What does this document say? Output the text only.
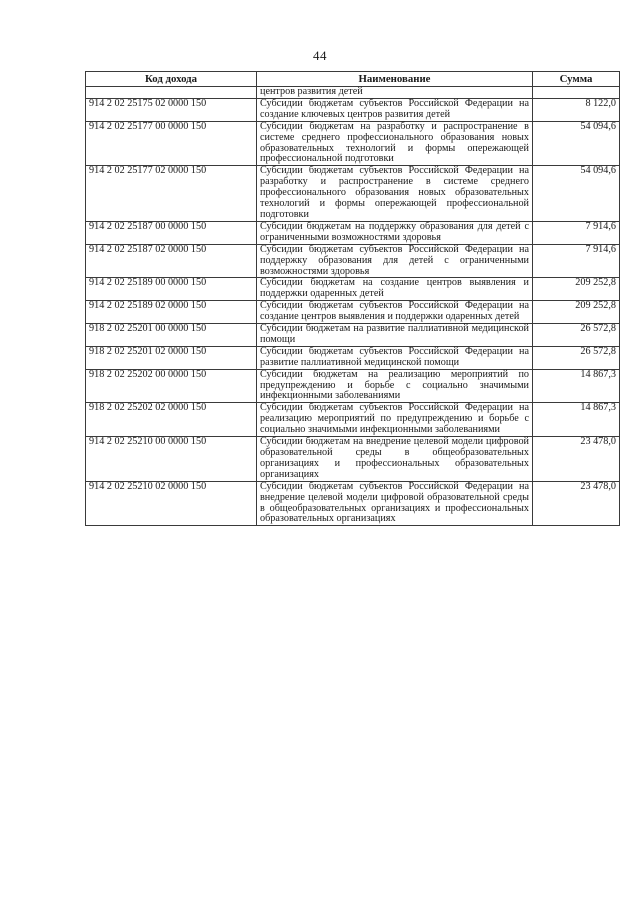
44
Код дохода	Наименование	Сумма
	центров развития детей	
914 2 02 25175 02 0000 150	Субсидии бюджетам субъектов Российской Федерации на создание ключевых центров развития детей	8 122,0
914 2 02 25177 00 0000 150	Субсидии бюджетам на разработку и распространение в системе среднего профессионального образования новых образовательных технологий и формы опережающей профессиональной подготовки	54 094,6
914 2 02 25177 02 0000 150	Субсидии бюджетам субъектов Российской Федерации на разработку и распространение в системе среднего профессионального образования новых образовательных технологий и формы опережающей профессиональной подготовки	54 094,6
914 2 02 25187 00 0000 150	Субсидии бюджетам на поддержку образования для детей с ограниченными возможностями здоровья	7 914,6
914 2 02 25187 02 0000 150	Субсидии бюджетам субъектов Российской Федерации на поддержку образования для детей с ограниченными возможностями здоровья	7 914,6
914 2 02 25189 00 0000 150	Субсидии бюджетам на создание центров выявления и поддержки одаренных детей	209 252,8
914 2 02 25189 02 0000 150	Субсидии бюджетам субъектов Российской Федерации на создание центров выявления и поддержки одаренных детей	209 252,8
918 2 02 25201 00 0000 150	Субсидии бюджетам на развитие паллиативной медицинской помощи	26 572,8
918 2 02 25201 02 0000 150	Субсидии бюджетам субъектов Российской Федерации на развитие паллиативной медицинской помощи	26 572,8
918 2 02 25202 00 0000 150	Субсидии бюджетам на реализацию мероприятий по предупреждению и борьбе с социально значимыми инфекционными заболеваниями	14 867,3
918 2 02 25202 02 0000 150	Субсидии бюджетам субъектов Российской Федерации на реализацию мероприятий по предупреждению и борьбе с социально значимыми инфекционными заболеваниями	14 867,3
914 2 02 25210 00 0000 150	Субсидии бюджетам на внедрение целевой модели цифровой образовательной среды в общеобразовательных организациях и профессиональных образовательных организациях	23 478,0
914 2 02 25210 02 0000 150	Субсидии бюджетам субъектов Российской Федерации на внедрение целевой модели цифровой образовательной среды в общеобразовательных организациях и профессиональных образовательных организациях	23 478,0
